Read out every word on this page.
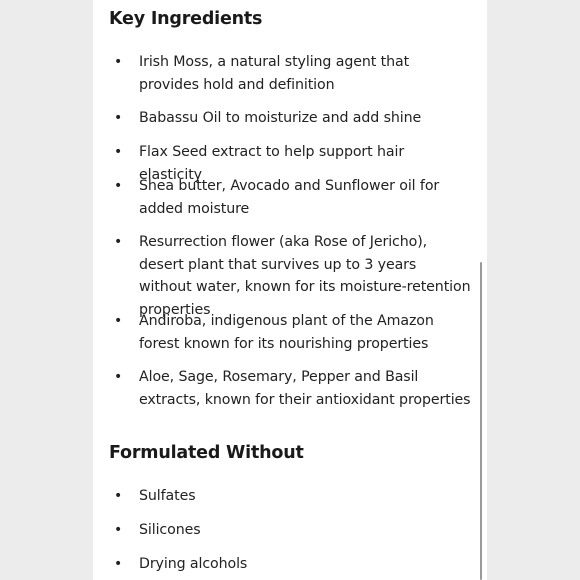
Key Ingredients
•	Irish Moss, a natural styling agent that provides hold and definition
•	Babassu Oil to moisturize and add shine
•	Flax Seed extract to help support hair elasticity
•	Shea butter, Avocado and Sunflower oil for added moisture
•	Resurrection flower (aka Rose of Jericho), desert plant that survives up to 3 years without water, known for its moisture-retention properties
•	Andiroba, indigenous plant of the Amazon forest known for its nourishing properties
•	Aloe, Sage, Rosemary, Pepper and Basil extracts, known for their antioxidant properties
Formulated Without
•	Sulfates
•	Silicones
•	Drying alcohols
